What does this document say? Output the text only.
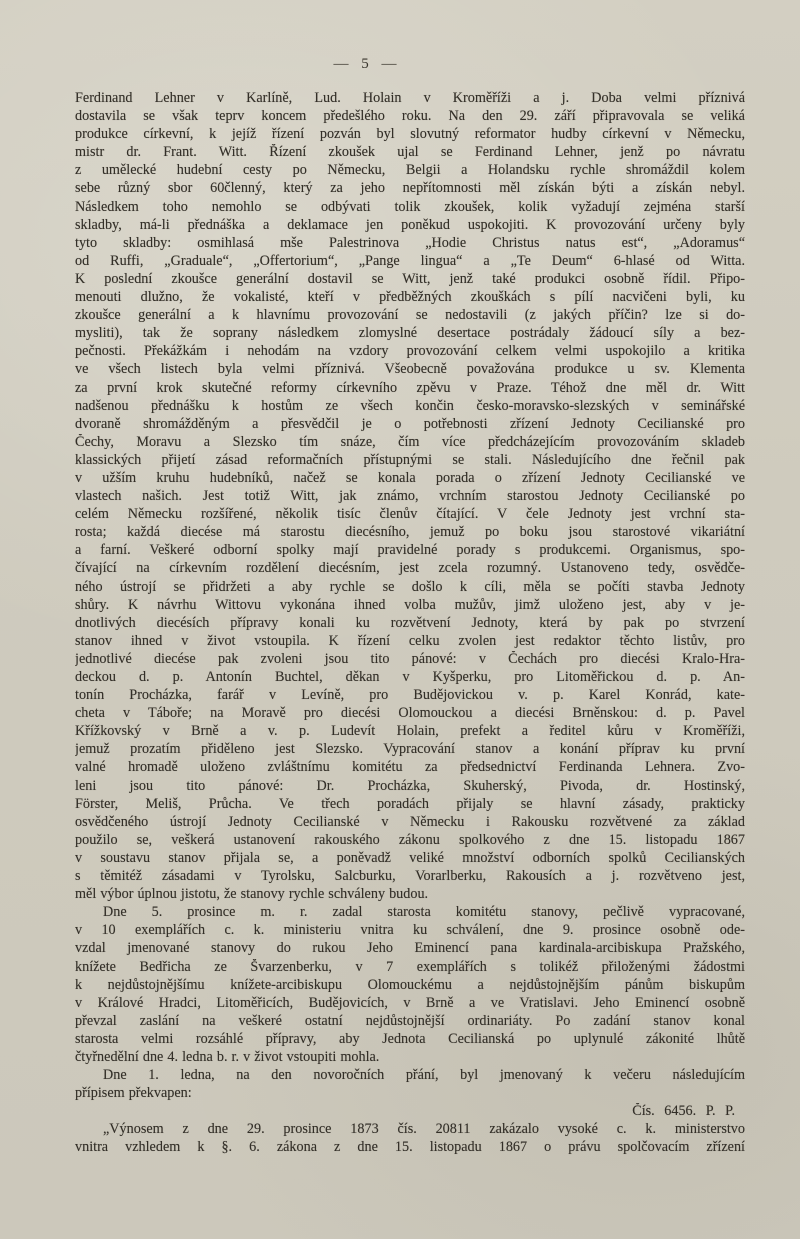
— 5 —
Ferdinand Lehner v Karlíně, Lud. Holain v Kroměříži a j. Doba velmi příznivá
dostavila se však teprv koncem předešlého roku. Na den 29. září připravovala se veliká
produkce církevní, k jejíž řízení pozván byl slovutný reformator hudby církevní v Německu,
mistr dr. Frant. Witt. Řízení zkoušek ujal se Ferdinand Lehner, jenž po návratu
z umělecké hudební cesty po Německu, Belgii a Holandsku rychle shromáždil kolem
sebe různý sbor 60členný, který za jeho nepřítomnosti měl získán býti a získán nebyl.
Následkem toho nemohlo se odbývati tolik zkoušek, kolik vyžadují zejména starší
skladby, má-li přednáška a deklamace jen poněkud uspokojiti. K provozování určeny byly
tyto skladby: osmihlasá mše Palestrinova „Hodie Christus natus est“, „Adoramus“
od Ruffi, „Graduale“, „Offertorium“, „Pange lingua“ a „Te Deum“ 6-hlasé od Witta.
K poslední zkoušce generální dostavil se Witt, jenž také produkci osobně řídil. Připo-
menouti dlužno, že vokalisté, kteří v předběžných zkouškách s pílí nacvičeni byli, ku
zkoušce generální a k hlavnímu provozování se nedostavili (z jakých příčin? lze si do-
mysliti), tak že soprany následkem zlomyslné desertace postrádaly žádoucí síly a bez-
pečnosti. Překážkám i nehodám na vzdory provozování celkem velmi uspokojilo a kritika
ve všech listech byla velmi příznivá. Všeobecně považována produkce u sv. Klementa
za první krok skutečné reformy církevního zpěvu v Praze. Téhož dne měl dr. Witt
nadšenou přednášku k hostům ze všech končin česko-moravsko-slezských v seminářské
dvoraně shromážděným a přesvědčil je o potřebnosti zřízení Jednoty Cecilianské pro
Čechy, Moravu a Slezsko tím snáze, čím více předcházejícím provozováním skladeb
klassických přijetí zásad reformačních přístupnými se stali. Následujícího dne řečnil pak
v užším kruhu hudebníků, načež se konala porada o zřízení Jednoty Cecilianské ve
vlastech našich. Jest totiž Witt, jak známo, vrchním starostou Jednoty Cecilianské po
celém Německu rozšířené, několik tisíc členův čítající. V čele Jednoty jest vrchní sta-
rosta; každá diecése má starostu diecésního, jemuž po boku jsou starostové vikariátní
a farní. Veškeré odborní spolky mají pravidelné porady s produkcemi. Organismus, spo-
čívající na církevním rozdělení diecésním, jest zcela rozumný. Ustanoveno tedy, osvědče-
ného ústrojí se přidržeti a aby rychle se došlo k cíli, měla se počíti stavba Jednoty
shůry. K návrhu Wittovu vykonána ihned volba mužův, jimž uloženo jest, aby v je-
dnotlivých diecésích přípravy konali ku rozvětvení Jednoty, která by pak po stvrzení
stanov ihned v život vstoupila. K řízení celku zvolen jest redaktor těchto listův, pro
jednotlivé diecése pak zvoleni jsou tito pánové: v Čechách pro diecési Kralo-Hra-
deckou d. p. Antonín Buchtel, děkan v Kyšperku, pro Litoměřickou d. p. An-
tonín Procházka, farář v Levíně, pro Budějovickou v. p. Karel Konrád, kate-
cheta v Táboře; na Moravě pro diecési Olomouckou a diecési Brněnskou: d. p. Pavel
Křížkovský v Brně a v. p. Ludevít Holain, prefekt a ředitel kůru v Kroměříži,
jemuž prozatím přiděleno jest Slezsko. Vypracování stanov a konání příprav ku první
valné hromadě uloženo zvláštnímu komitétu za předsednictví Ferdinanda Lehnera. Zvo-
leni jsou tito pánové: Dr. Procházka, Skuherský, Pivoda, dr. Hostinský,
Förster, Meliš, Průcha. Ve třech poradách přijaly se hlavní zásady, prakticky
osvědčeného ústrojí Jednoty Cecilianské v Německu i Rakousku rozvětvené za základ
použilo se, veškerá ustanovení rakouského zákonu spolkového z dne 15. listopadu 1867
v soustavu stanov přijala se, a poněvadž veliké množství odborních spolků Cecilianských
s těmitéž zásadami v Tyrolsku, Salcburku, Vorarlberku, Rakousích a j. rozvětveno jest,
měl výbor úplnou jistotu, že stanovy rychle schváleny budou.
Dne 5. prosince m. r. zadal starosta komitétu stanovy, pečlivě vypracované,
v 10 exemplářích c. k. ministeriu vnitra ku schválení, dne 9. prosince osobně ode-
vzdal jmenované stanovy do rukou Jeho Eminencí pana kardinala-arcibiskupa Pražského,
knížete Bedřicha ze Švarzenberku, v 7 exemplářích s tolikéž přiloženými žádostmi
k nejdůstojnějšímu knížete-arcibiskupu Olomouckému a nejdůstojnějším pánům biskupům
v Králové Hradci, Litoměřicích, Budějovicích, v Brně a ve Vratislavi. Jeho Eminencí osobně
převzal zaslání na veškeré ostatní nejdůstojnější ordinariáty. Po zadání stanov konal
starosta velmi rozsáhlé přípravy, aby Jednota Cecilianská po uplynulé zákonité lhůtě
čtyřnedělní dne 4. ledna b. r. v život vstoupiti mohla.
Dne 1. ledna, na den novoročních přání, byl jmenovaný k večeru následujícím
přípisem překvapen:
Čís. 6456. P. P.
„Výnosem z dne 29. prosince 1873 čís. 20811 zakázalo vysoké c. k. ministerstvo
vnitra vzhledem k §. 6. zákona z dne 15. listopadu 1867 o právu spolčovacím zřízení
